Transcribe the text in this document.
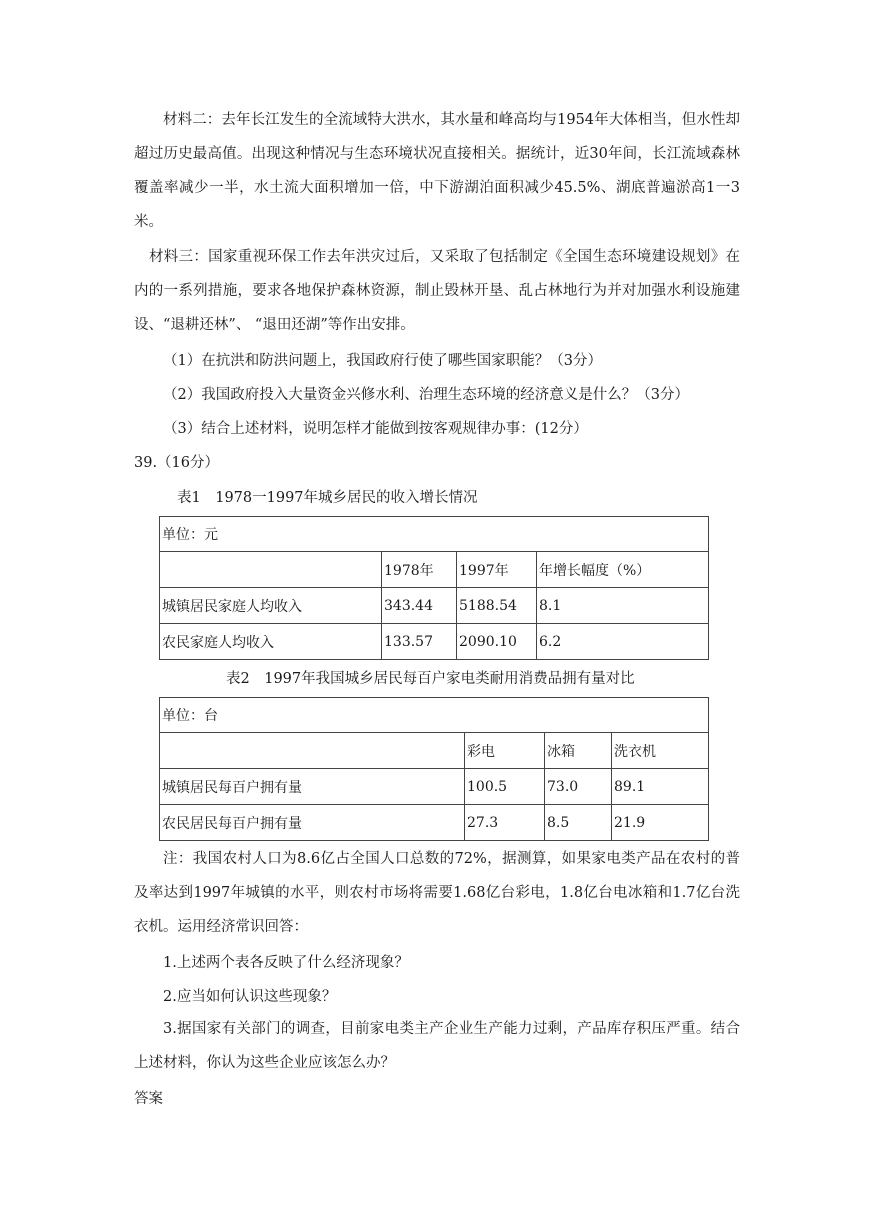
材料二：去年长江发生的全流域特大洪水，其水量和峰高均与1954年大体相当，但水性却超过历史最高值。出现这种情况与生态环境状况直接相关。据统计，近30年间，长江流域森林覆盖率减少一半，水土流大面积增加一倍，中下游湖泊面积减少45.5%、湖底普遍淤高1一3米。

材料三：国家重视环保工作去年洪灾过后，又采取了包括制定《全国生态环境建设规划》在内的一系列措施，要求各地保护森林资源，制止毁林开垦、乱占林地行为并对加强水利设施建设、“退耕还林”、 “退田还湖”等作出安排。

（1）在抗洪和防洪问题上，我国政府行使了哪些国家职能？（3分）
（2）我国政府投入大量资金兴修水利、治理生态环境的经济意义是什么？（3分）
（3）结合上述材料，说明怎样才能做到按客观规律办事：(12分）
39.（16分）
表1　1978一1997年城乡居民的收入增长情况
单位：元			
	1978年	1997年	年增长幅度（%）
城镇居民家庭人均收入	343.44	5188.54	8.1
农民家庭人均收入	133.57	2090.10	6.2
表2　1997年我国城乡居民每百户家电类耐用消费品拥有量对比
单位：台			
	彩电	冰箱	洗衣机
城镇居民每百户拥有量	100.5	73.0	89.1
农民居民每百户拥有量	27.3	8.5	21.9

注：我国农村人口为8.6亿占全国人口总数的72%，据测算，如果家电类产品在农村的普及率达到1997年城镇的水平，则农村市场将需要1.68亿台彩电，1.8亿台电冰箱和1.7亿台洗衣机。运用经济常识回答：

1.上述两个表各反映了什么经济现象？
2.应当如何认识这些现象？

3.据国家有关部门的调查，目前家电类主产企业生产能力过剩，产品库存积压严重。结合上述材料，你认为这些企业应该怎么办？

答案
